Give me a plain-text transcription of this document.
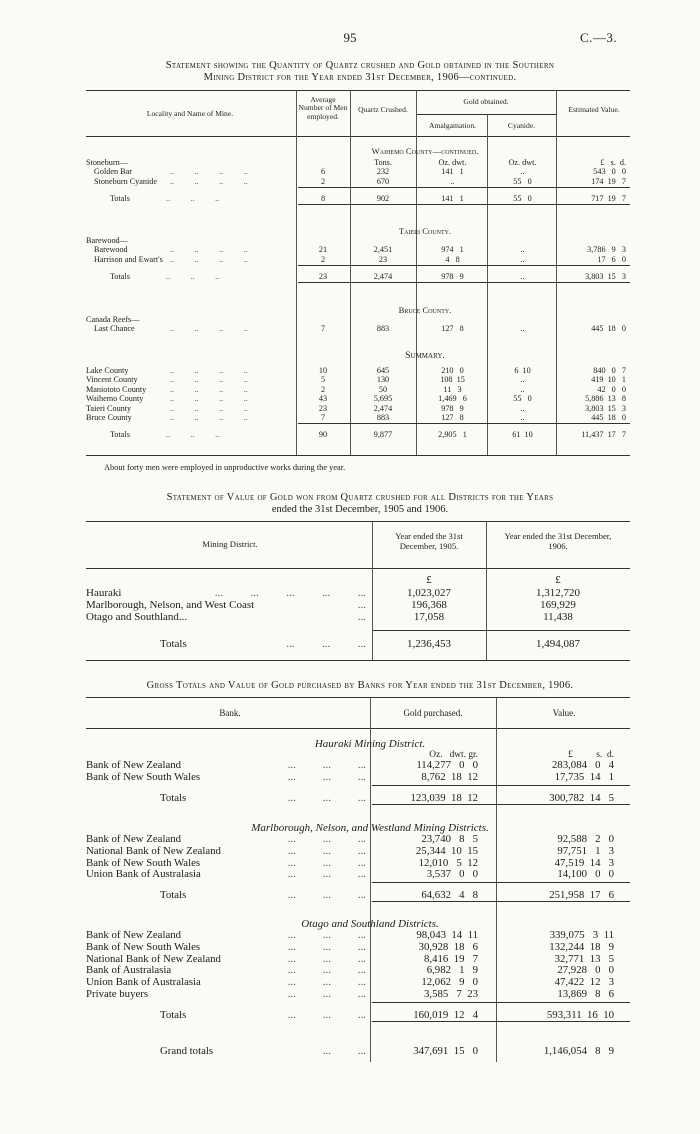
95	C.—3.
Statement showing the Quantity of Quartz crushed and Gold obtained in the Southern
Mining District for the Year ended 31st December, 1906—continued.
Locality and Name of Mine.
Average Number of Men employed.
Quartz Crushed.
Gold obtained.
Amalgamation.	Cyanide.
Estimated Value.
Waihemo County—continued.
Tons.	Oz. dwt.	Oz. dwt.	£   s.  d.
Stoneburn—
Golden Bar	..          ..          ..          ..	6	232	141   1	..	543   0   0
Stoneburn Cyanide ..          ..          ..          ..	2	670	..	55   0	174  19   7
Totals	..          ..          ..	8	902	141   1	55   0	717  19   7
Taieri County.
Barewood—
Barewood	..          ..          ..          ..	21	2,451	974   1	..	3,786   9   3
Harrison and Ewart's ..          ..          ..          ..	2	23	4   8	..	17   6   0
Totals	..          ..          ..	23	2,474	978   9	..	3,803  15   3
Bruce County.
Canada Reefs—
Last Chance	..          ..          ..          ..	7	883	127   8	..	445  18   0
Summary.
Lake County	..          ..          ..          ..	10	645	210   0	6  10	840   0   7
Vincent County	..          ..          ..          ..	5	130	108  15	..	419  10   1
Maniototo County	..          ..          ..          ..	2	50	11   3	..	42   0   0
Waihemo County	..          ..          ..          ..	43	5,695	1,469   6	55   0	5,886  13   8
Taieri County	..          ..          ..          ..	23	2,474	978   9	..	3,803  15   3
Bruce County	..          ..          ..          ..	7	883	127   8	..	445  18   0
Totals	..          ..          ..	90	9,877	2,905   1	61  10	11,437  17   7
About forty men were employed in unproductive works during the year.
Statement of Value of Gold won from Quartz crushed for all Districts for the Years
ended the 31st December, 1905 and 1906.
Mining District.
Year ended the 31st December, 1905.
Year ended the 31st December, 1906.
£	£
Hauraki	...          ...          ...          ...          ...	1,023,027	1,312,720
Marlborough, Nelson, and West Coast	...	196,368	169,929
Otago and Southland...	...	17,058	11,438
Totals	...          ...          ...	1,236,453	1,494,087
Gross Totals and Value of Gold purchased by Banks for Year ended the 31st December, 1906.
Bank.	Gold purchased.	Value.
Hauraki Mining District.
Oz.   dwt. gr.	£          s.  d.
Bank of New Zealand	...          ...          ...	114,277   0   0	283,084   0   4
Bank of New South Wales	...          ...          ...	8,762  18  12	17,735  14   1
Totals	...          ...          ...	123,039  18  12	300,782  14   5
Marlborough, Nelson, and Westland Mining Districts.
Bank of New Zealand	...          ...          ...	23,740   8   5	92,588   2   0
National Bank of New Zealand	...          ...          ...	25,344  10  15	97,751   1   3
Bank of New South Wales	...          ...          ...	12,010   5  12	47,519  14   3
Union Bank of Australasia	...          ...          ...	3,537   0   0	14,100   0   0
Totals	...          ...          ...	64,632   4   8	251,958  17   6
Otago and Southland Districts.
Bank of New Zealand	...          ...          ...	98,043  14  11	339,075   3  11
Bank of New South Wales	...          ...          ...	30,928  18   6	132,244  18   9
National Bank of New Zealand	...          ...          ...	8,416  19   7	32,771  13   5
Bank of Australasia	...          ...          ...	6,982   1   9	27,928   0   0
Union Bank of Australasia	...          ...          ...	12,062   9   0	47,422  12   3
Private buyers	...          ...          ...	3,585   7  23	13,869   8   6
Totals	...          ...          ...	160,019  12   4	593,311  16  10
Grand totals	...          ...	347,691  15   0	1,146,054   8   9
